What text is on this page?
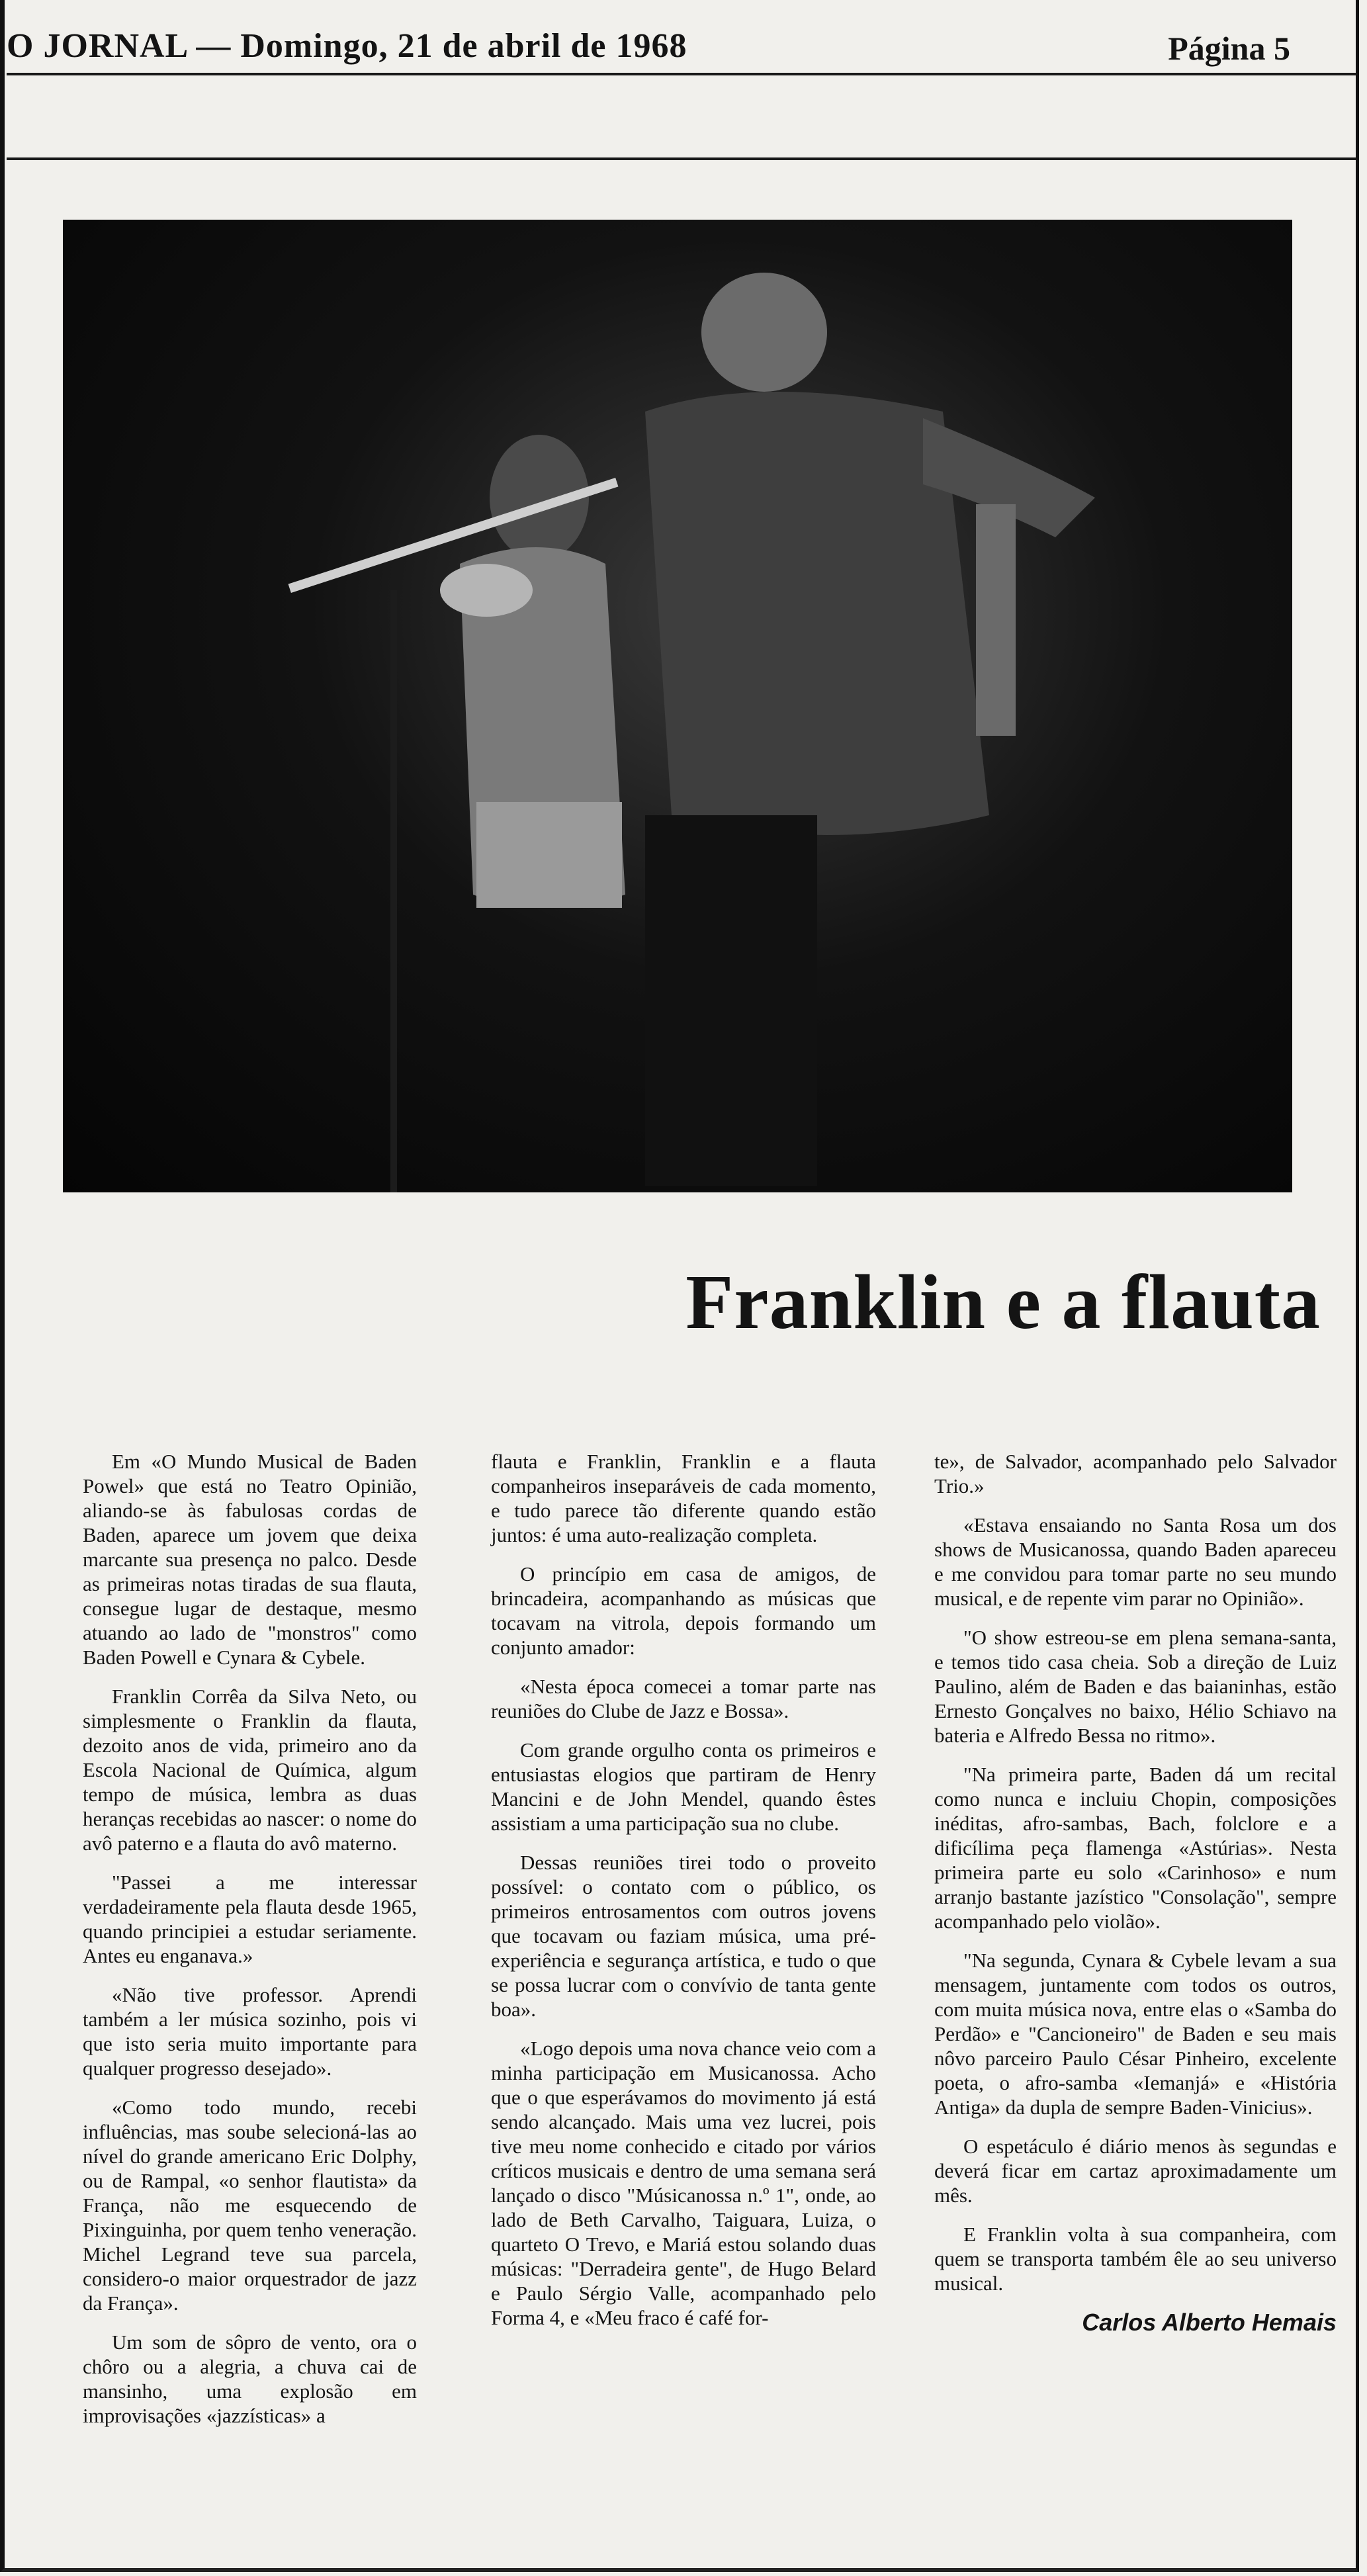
O JORNAL — Domingo, 21 de abril de 1968	Página 5
Franklin e a flauta

Em «O Mundo Musical de Baden Powel» que está no Teatro Opinião, aliando-se às fabulosas cordas de Baden, aparece um jovem que deixa marcante sua presença no palco. Desde as primeiras notas tiradas de sua flauta, consegue lugar de destaque, mesmo atuando ao lado de "monstros" como Baden Powell e Cynara & Cybele.

Franklin Corrêa da Silva Neto, ou simplesmente o Franklin da flauta, dezoito anos de vida, primeiro ano da Escola Nacional de Química, algum tempo de música, lembra as duas heranças recebidas ao nascer: o nome do avô paterno e a flauta do avô materno.

"Passei a me interessar verdadeiramente pela flauta desde 1965, quando principiei a estudar seriamente. Antes eu enganava.»

«Não tive professor. Aprendi também a ler música sozinho, pois vi que isto seria muito importante para qualquer progresso desejado».

«Como todo mundo, recebi influências, mas soube selecioná-las ao nível do grande americano Eric Dolphy, ou de Rampal, «o senhor flautista» da França, não me esquecendo de Pixinguinha, por quem tenho veneração. Michel Legrand teve sua parcela, considero-o maior orquestrador de jazz da França».

Um som de sôpro de vento, ora o chôro ou a alegria, a chuva cai de mansinho, uma explosão em improvisações «jazzísticas» a

flauta e Franklin, Franklin e a flauta companheiros inseparáveis de cada momento, e tudo parece tão diferente quando estão juntos: é uma auto-realização completa.

O princípio em casa de amigos, de brincadeira, acompanhando as músicas que tocavam na vitrola, depois formando um conjunto amador:

«Nesta época comecei a tomar parte nas reuniões do Clube de Jazz e Bossa».

Com grande orgulho conta os primeiros e entusiastas elogios que partiram de Henry Mancini e de John Mendel, quando êstes assistiam a uma participação sua no clube.

Dessas reuniões tirei todo o proveito possível: o contato com o público, os primeiros entrosamentos com outros jovens que tocavam ou faziam música, uma pré-experiência e segurança artística, e tudo o que se possa lucrar com o convívio de tanta gente boa».

«Logo depois uma nova chance veio com a minha participação em Musicanossa. Acho que o que esperávamos do movimento já está sendo alcançado. Mais uma vez lucrei, pois tive meu nome conhecido e citado por vários críticos musicais e dentro de uma semana será lançado o disco "Músicanossa n.º 1", onde, ao lado de Beth Carvalho, Taiguara, Luiza, o quarteto O Trevo, e Mariá estou solando duas músicas: "Derradeira gente", de Hugo Belard e Paulo Sérgio Valle, acompanhado pelo Forma 4, e «Meu fraco é café for-

te», de Salvador, acompanhado pelo Salvador Trio.»

«Estava ensaiando no Santa Rosa um dos shows de Musicanossa, quando Baden apareceu e me convidou para tomar parte no seu mundo musical, e de repente vim parar no Opinião».

"O show estreou-se em plena semana-santa, e temos tido casa cheia. Sob a direção de Luiz Paulino, além de Baden e das baianinhas, estão Ernesto Gonçalves no baixo, Hélio Schiavo na bateria e Alfredo Bessa no ritmo».

"Na primeira parte, Baden dá um recital como nunca e incluiu Chopin, composições inéditas, afro-sambas, Bach, folclore e a dificílima peça flamenga «Astúrias». Nesta primeira parte eu solo «Carinhoso» e num arranjo bastante jazístico "Consolação", sempre acompanhado pelo violão».

"Na segunda, Cynara & Cybele levam a sua mensagem, juntamente com todos os outros, com muita música nova, entre elas o «Samba do Perdão» e "Cancioneiro" de Baden e seu mais nôvo parceiro Paulo César Pinheiro, excelente poeta, o afro-samba «Iemanjá» e «História Antiga» da dupla de sempre Baden-Vinicius».

O espetáculo é diário menos às segundas e deverá ficar em cartaz aproximadamente um mês.

E Franklin volta à sua companheira, com quem se transporta também êle ao seu universo musical.

Carlos Alberto Hemais
